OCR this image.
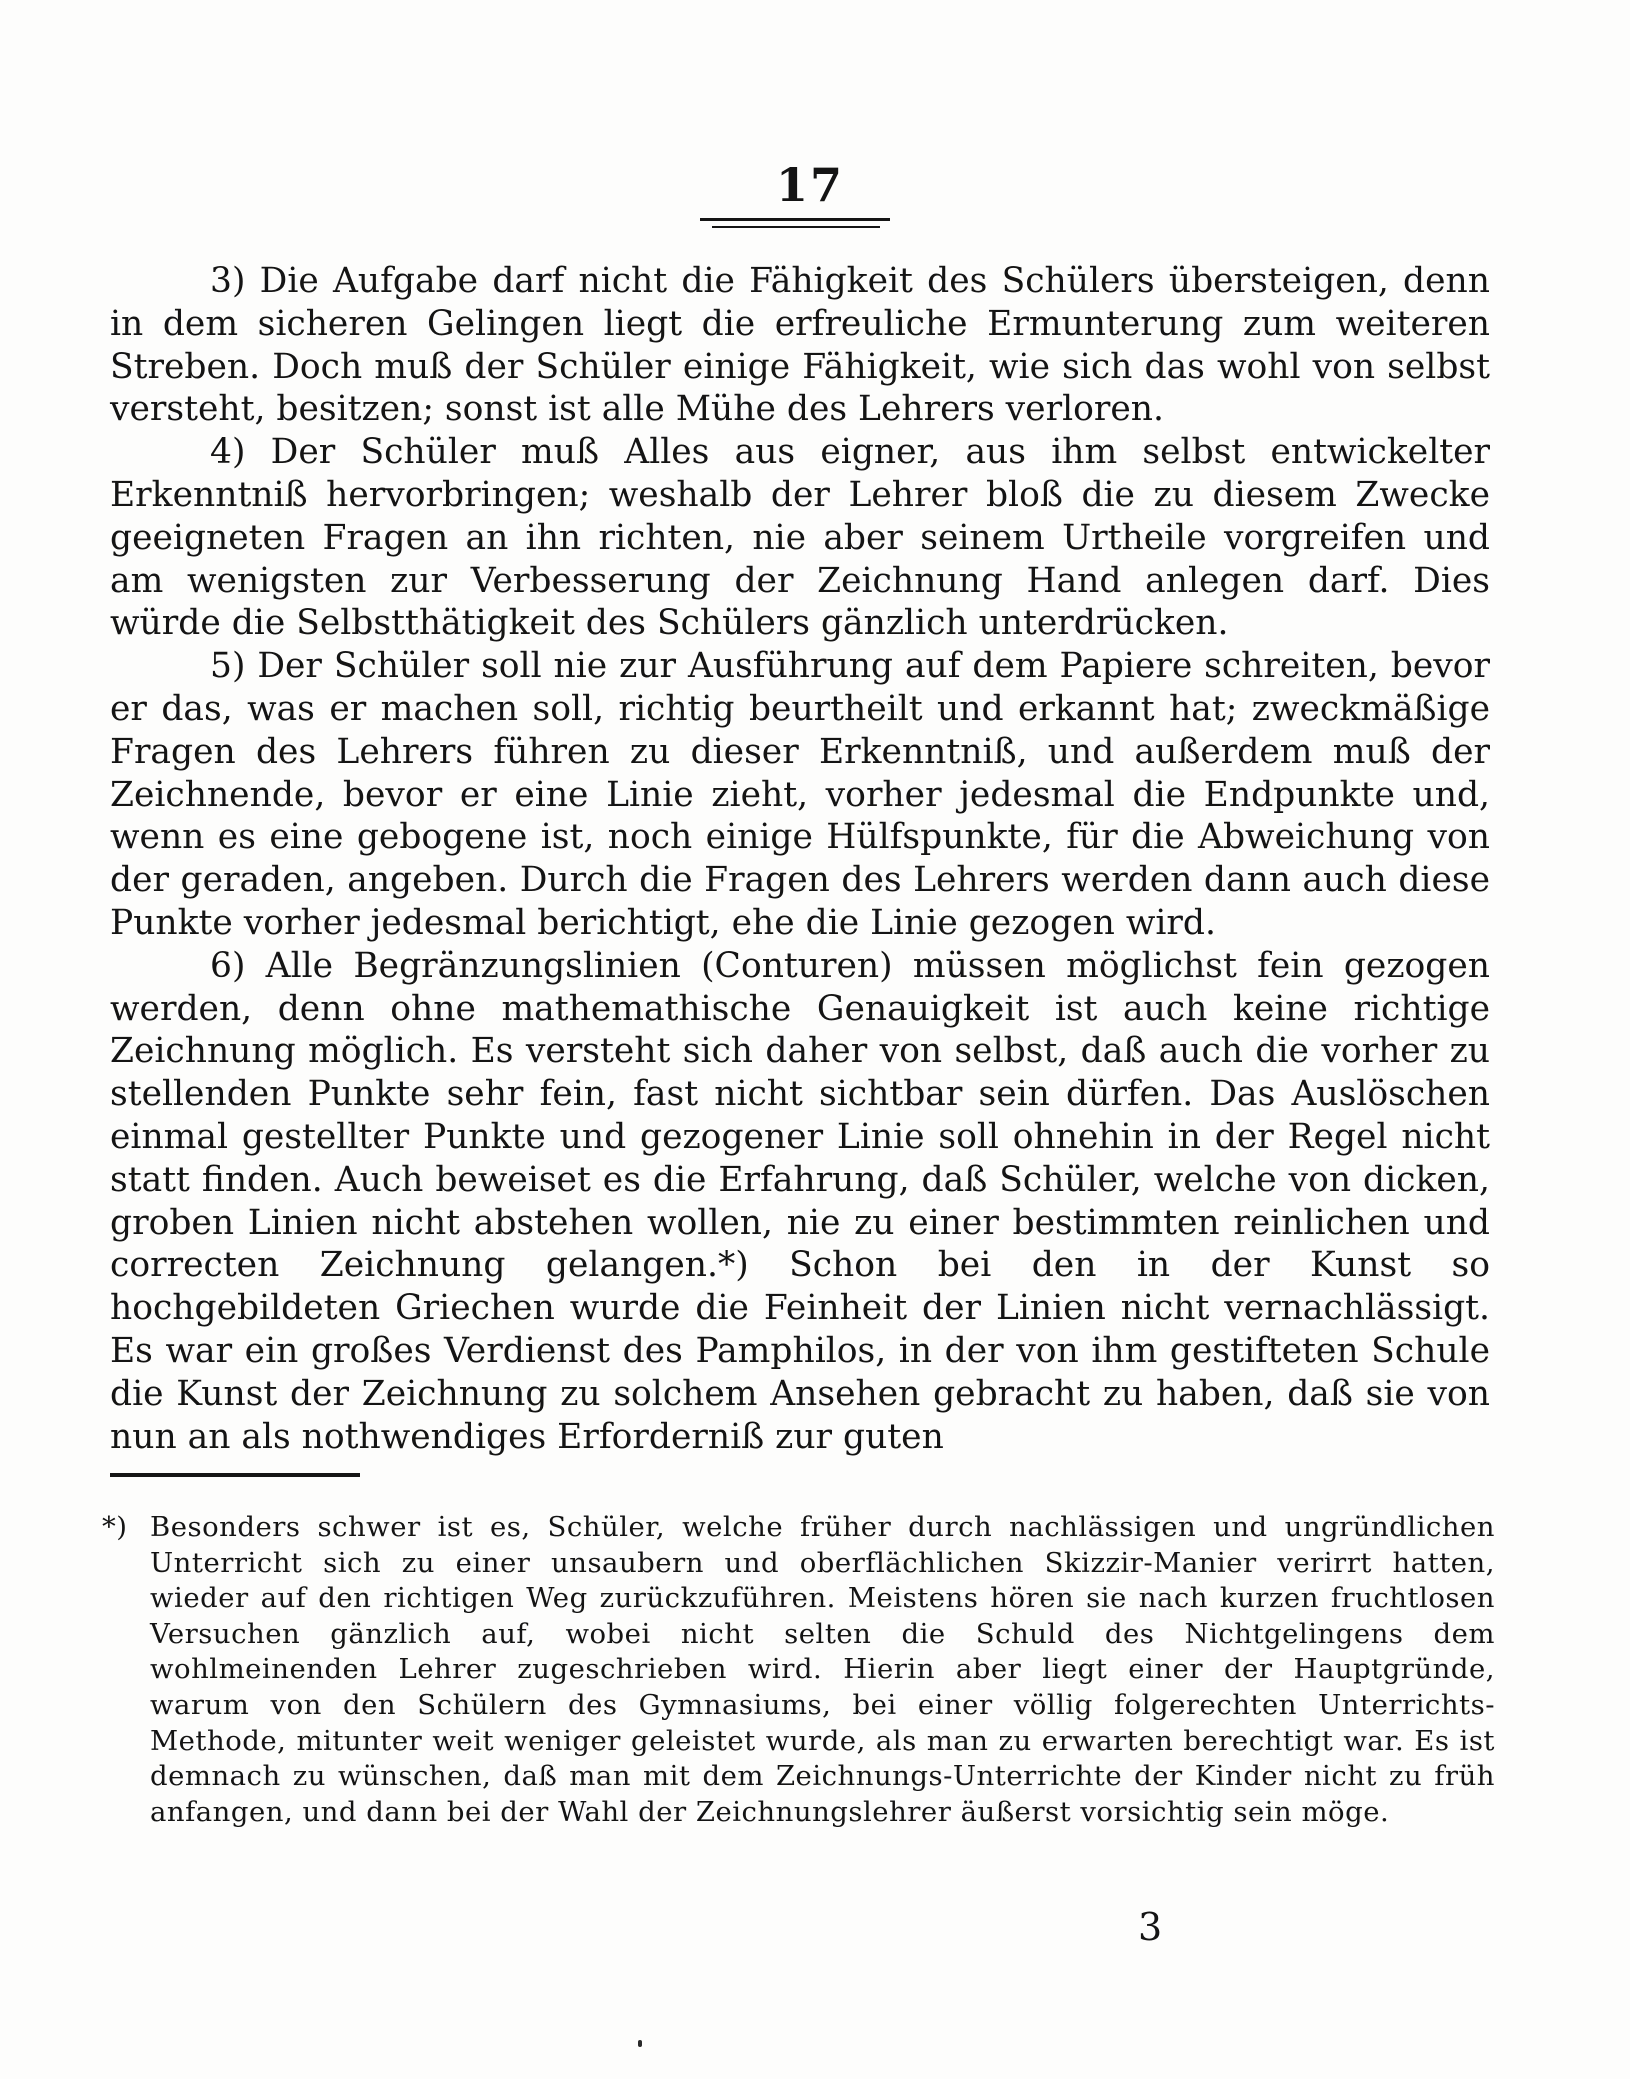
17

3) Die Aufgabe darf nicht die Fähigkeit des Schülers übersteigen, denn in dem sicheren Gelingen liegt die erfreuliche Ermunterung zum weiteren Streben. Doch muß der Schüler einige Fähigkeit, wie sich das wohl von selbst versteht, besitzen; sonst ist alle Mühe des Lehrers verloren.

4) Der Schüler muß Alles aus eigner, aus ihm selbst entwickelter Erkenntniß hervorbringen; weshalb der Lehrer bloß die zu diesem Zwecke geeigneten Fragen an ihn richten, nie aber seinem Urtheile vorgreifen und am wenigsten zur Verbesserung der Zeichnung Hand anlegen darf. Dies würde die Selbstthätigkeit des Schülers gänzlich unterdrücken.

5) Der Schüler soll nie zur Ausführung auf dem Papiere schreiten, bevor er das, was er machen soll, richtig beurtheilt und erkannt hat; zweckmäßige Fragen des Lehrers führen zu dieser Erkenntniß, und außerdem muß der Zeichnende, bevor er eine Linie zieht, vorher jedesmal die Endpunkte und, wenn es eine gebogene ist, noch einige Hülfspunkte, für die Abweichung von der geraden, angeben. Durch die Fragen des Lehrers werden dann auch diese Punkte vorher jedesmal berichtigt, ehe die Linie gezogen wird.

6) Alle Begränzungslinien (Conturen) müssen möglichst fein gezogen werden, denn ohne mathemathische Genauigkeit ist auch keine richtige Zeichnung möglich. Es versteht sich daher von selbst, daß auch die vorher zu stellenden Punkte sehr fein, fast nicht sichtbar sein dürfen. Das Auslöschen einmal gestellter Punkte und gezogener Linie soll ohnehin in der Regel nicht statt finden. Auch beweiset es die Erfahrung, daß Schüler, welche von dicken, groben Linien nicht abstehen wollen, nie zu einer bestimmten reinlichen und correcten Zeichnung gelangen.*) Schon bei den in der Kunst so hochgebildeten Griechen wurde die Feinheit der Linien nicht vernachlässigt. Es war ein großes Verdienst des Pamphilos, in der von ihm gestifteten Schule die Kunst der Zeichnung zu solchem Ansehen gebracht zu haben, daß sie von nun an als nothwendiges Erforderniß zur guten

*) Besonders schwer ist es, Schüler, welche früher durch nachlässigen und ungründlichen Unterricht sich zu einer unsaubern und oberflächlichen Skizzir-Manier verirrt hatten, wieder auf den richtigen Weg zurückzuführen. Meistens hören sie nach kurzen fruchtlosen Versuchen gänzlich auf, wobei nicht selten die Schuld des Nichtgelingens dem wohlmeinenden Lehrer zugeschrieben wird. Hierin aber liegt einer der Hauptgründe, warum von den Schülern des Gymnasiums, bei einer völlig folgerechten Unterrichts-Methode, mitunter weit weniger geleistet wurde, als man zu erwarten berechtigt war. Es ist demnach zu wünschen, daß man mit dem Zeichnungs-Unterrichte der Kinder nicht zu früh anfangen, und dann bei der Wahl der Zeichnungslehrer äußerst vorsichtig sein möge.
3
